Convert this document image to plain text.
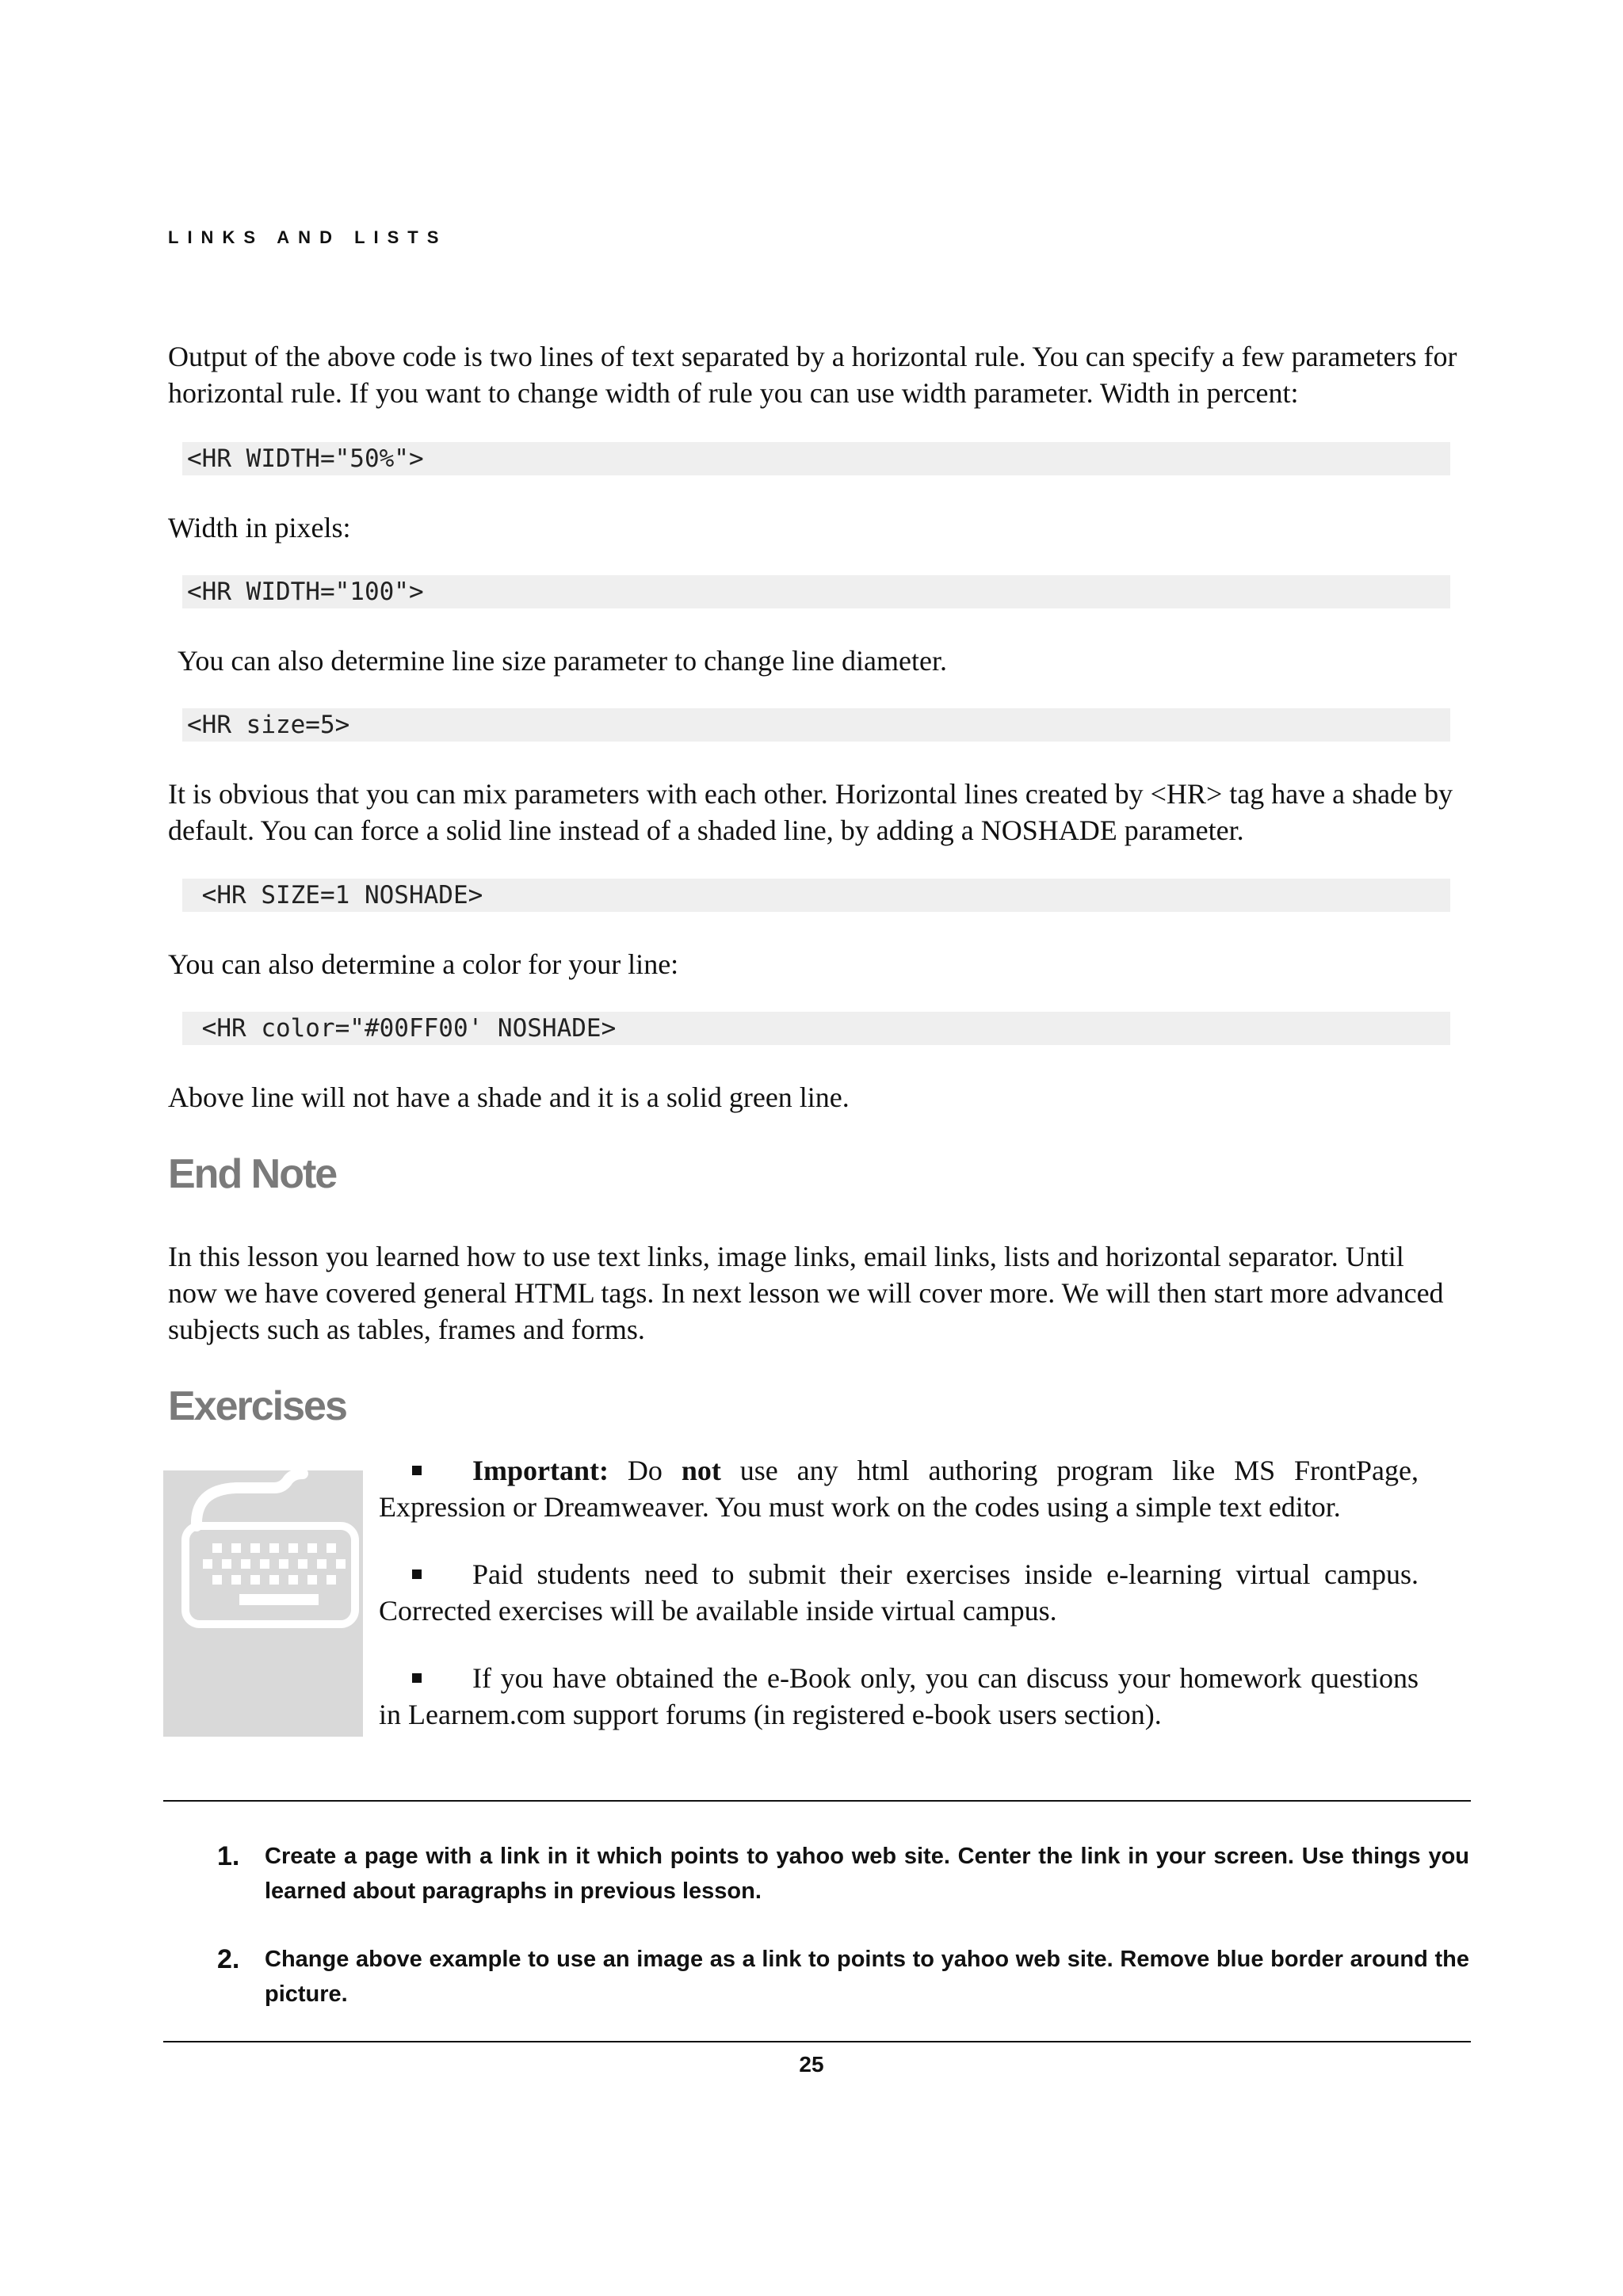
LINKS AND LISTS

Output of the above code is two lines of text separated by a horizontal rule. You can specify a few parameters for horizontal rule. If you want to change width of rule you can use width parameter. Width in percent:

<HR WIDTH="50%">

Width in pixels:

<HR WIDTH="100">

You can also determine line size parameter to change line diameter.

<HR size=5>

It is obvious that you can mix parameters with each other. Horizontal lines created by <HR> tag have a shade by default. You can force a solid line instead of a shaded line, by adding a NOSHADE parameter.

<HR SIZE=1 NOSHADE>

You can also determine a color for your line:

<HR color="#00FF00' NOSHADE>

Above line will not have a shade and it is a solid green line.

End Note

In this lesson you learned how to use text links, image links, email links, lists and horizontal separator. Until now we have covered general HTML tags. In next lesson we will cover more. We will then start more advanced subjects such as tables, frames and forms.

Exercises
Important: Do not use any html authoring program like MS FrontPage, Expression or Dreamweaver. You must work on the codes using a simple text editor.
Paid students need to submit their exercises inside e-learning virtual campus. Corrected exercises will be available inside virtual campus.
If you have obtained the e-Book only, you can discuss your homework questions in Learnem.com support forums (in registered e-book users section).
1. Create a page with a link in it which points to yahoo web site. Center the link in your screen. Use things you learned about paragraphs in previous lesson.
2. Change above example to use an image as a link to points to yahoo web site. Remove blue border around the picture.
25
